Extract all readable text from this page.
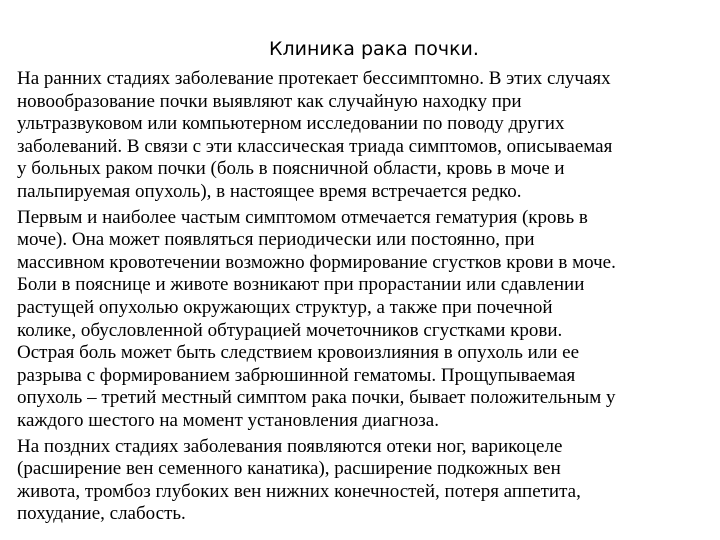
Клиника рака почки.

На ранних стадиях заболевание протекает бессимптомно. В этих случаях
новообразование почки выявляют как случайную находку при
ультразвуковом или компьютерном исследовании по поводу других
заболеваний. В связи с эти классическая триада симптомов, описываемая
у больных раком почки (боль в поясничной области, кровь в моче и
пальпируемая опухоль), в настоящее время встречается редко.

Первым и наиболее частым симптомом отмечается гематурия (кровь в
моче). Она может появляться периодически или постоянно, при
массивном кровотечении возможно формирование сгустков крови в моче.
Боли в пояснице и животе возникают при прорастании или сдавлении
растущей опухолью окружающих структур, а также при почечной
колике, обусловленной обтурацией мочеточников сгустками крови.
Острая боль может быть следствием кровоизлияния в опухоль или ее
разрыва с формированием забрюшинной гематомы. Прощупываемая
опухоль – третий местный симптом рака почки, бывает положительным у
каждого шестого на момент установления диагноза.

На поздних стадиях заболевания появляются отеки ног, варикоцеле
(расширение вен семенного канатика), расширение подкожных вен
живота, тромбоз глубоких вен нижних конечностей, потеря аппетита,
похудание, слабость.
